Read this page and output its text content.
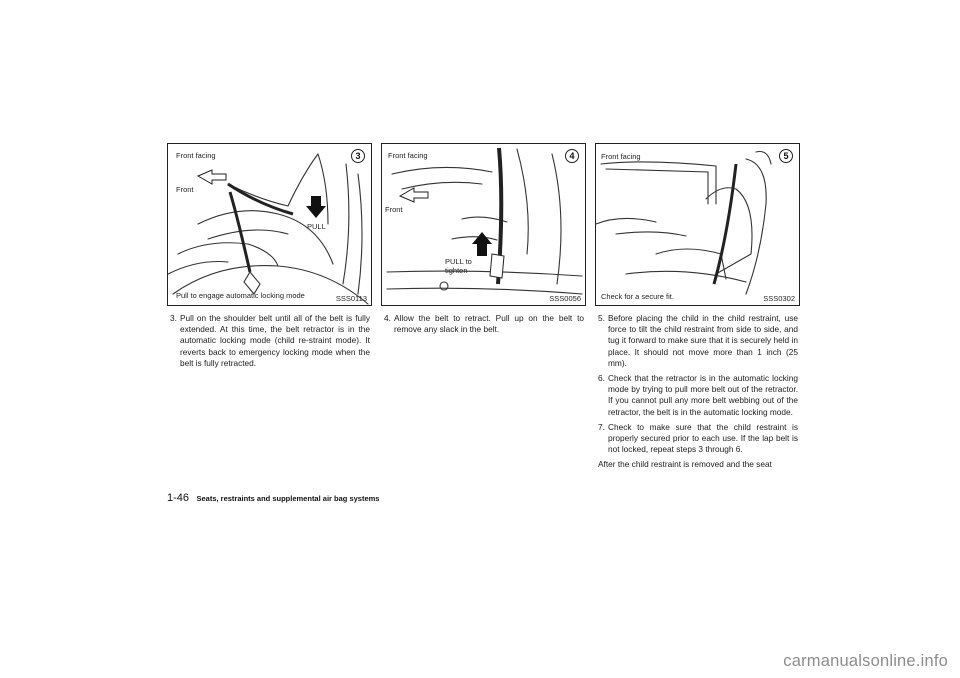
3
Front facing
Front
PULL
Pull to engage automatic locking mode	SSS0113
4
Front facing
Front
PULL to
tighten
SSS0056
5
Front facing
Check for a secure fit.	SSS0302
3. Pull on the shoulder belt until all of the belt is fully extended. At this time, the belt retractor is in the automatic locking mode (child re-straint mode). It reverts back to emergency locking mode when the belt is fully retracted.
4. Allow the belt to retract. Pull up on the belt to remove any slack in the belt.
5. Before placing the child in the child restraint, use force to tilt the child restraint from side to side, and tug it forward to make sure that it is securely held in place. It should not move more than 1 inch (25 mm).
6. Check that the retractor is in the automatic locking mode by trying to pull more belt out of the retractor. If you cannot pull any more belt webbing out of the retractor, the belt is in the automatic locking mode.
7. Check to make sure that the child restraint is properly secured prior to each use. If the lap belt is not locked, repeat steps 3 through 6.

After the child restraint is removed and the seat

1-46 Seats, restraints and supplemental air bag systems
carmanualsonline.info
